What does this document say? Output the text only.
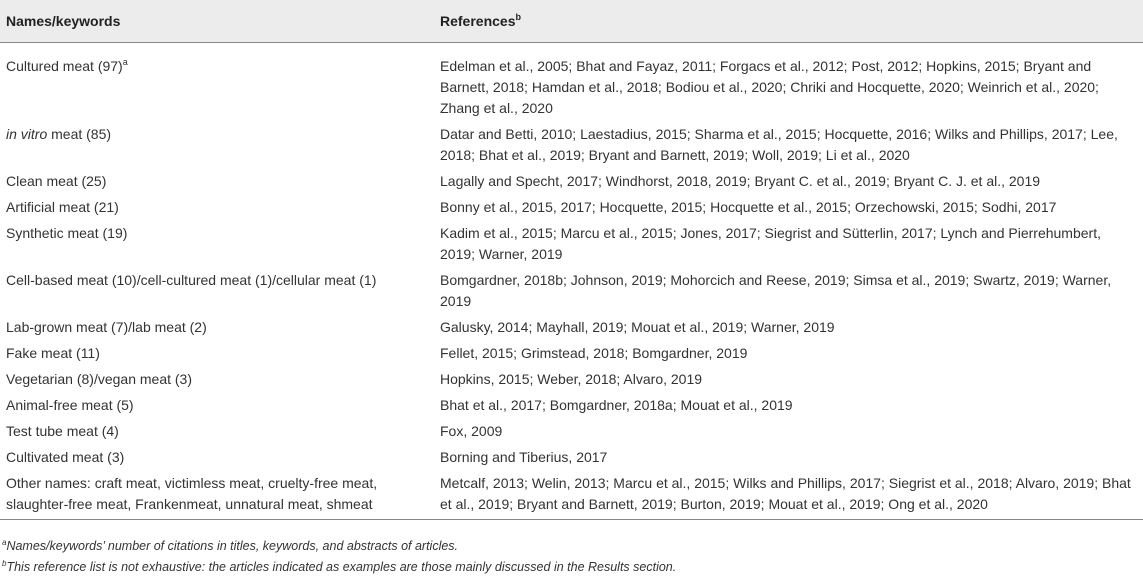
Names/keywords	References$^b$
Cultured meat $(97)^a$	Edelman et al., 2005; Bhat and Fayaz, 2011; Forgacs et al., 2012; Post, 2012; Hopkins, 2015; Bryant and Barnett, 2018; Hamdan et al., 2018; Bodiou et al., 2020; Chriki and Hocquette, 2020; Weinrich et al., 2020; Zhang et al., 2020
in vitro meat (85)	Datar and Betti, 2010; Laestadius, 2015; Sharma et al., 2015; Hocquette, 2016; Wilks and Phillips, 2017; Lee, 2018; Bhat et al., 2019; Bryant and Barnett, 2019; Woll, 2019; Li et al., 2020
Clean meat (25)	Lagally and Specht, 2017; Windhorst, 2018, 2019; Bryant C. et al., 2019; Bryant C. J. et al., 2019
Artificial meat (21)	Bonny et al., 2015, 2017; Hocquette, 2015; Hocquette et al., 2015; Orzechowski, 2015; Sodhi, 2017
Synthetic meat (19)	Kadim et al., 2015; Marcu et al., 2015; Jones, 2017; Siegrist and Sütterlin, 2017; Lynch and Pierrehumbert, 2019; Warner, 2019
Cell-based meat (10)/cell-cultured meat (1)/cellular meat (1)	Bomgardner, 2018b; Johnson, 2019; Mohorcich and Reese, 2019; Simsa et al., 2019; Swartz, 2019; Warner, 2019
Lab-grown meat (7)/lab meat (2)	Galusky, 2014; Mayhall, 2019; Mouat et al., 2019; Warner, 2019
Fake meat (11)	Fellet, 2015; Grimstead, 2018; Bomgardner, 2019
Vegetarian (8)/vegan meat (3)	Hopkins, 2015; Weber, 2018; Alvaro, 2019
Animal-free meat (5)	Bhat et al., 2017; Bomgardner, 2018a; Mouat et al., 2019
Test tube meat (4)	Fox, 2009
Cultivated meat (3)	Borning and Tiberius, 2017
Other names: craft meat, victimless meat, cruelty-free meat, slaughter-free meat, Frankenmeat, unnatural meat, shmeat	Metcalf, 2013; Welin, 2013; Marcu et al., 2015; Wilks and Phillips, 2017; Siegrist et al., 2018; Alvaro, 2019; Bhat et al., 2019; Bryant and Barnett, 2019; Burton, 2019; Mouat et al., 2019; Ong et al., 2020
$^a$Names/keywords’ number of citations in titles, keywords, and abstracts of articles.
$^b$This reference list is not exhaustive: the articles indicated as examples are those mainly discussed in the Results section.
